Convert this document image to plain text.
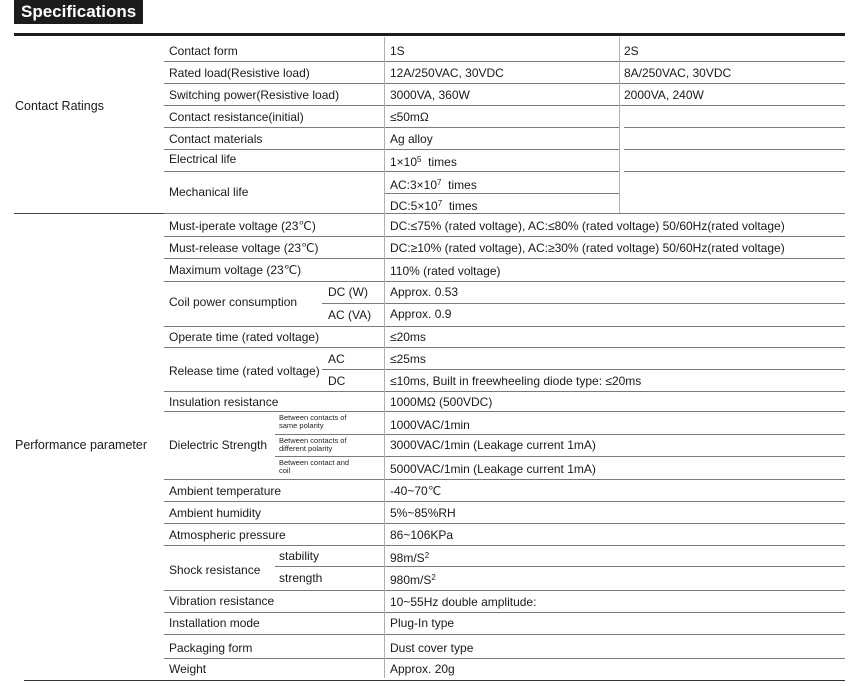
Specifications
Contact Ratings
Performance parameter
Contact form	1S	2S
Rated load(Resistive load)	12A/250VAC, 30VDC	8A/250VAC, 30VDC
Switching power(Resistive load)	3000VA, 360W	2000VA, 240W
Contact resistance(initial)	≤50mΩ
Contact materials	Ag alloy
Electrical life	$1\times 10^5$ times
Mechanical life	$AC:3\times 10^7$ times
$DC:5\times 10^7$ times
Must-iperate voltage (23℃)	DC:≤75% (rated voltage), AC:≤80% (rated voltage) 50/60Hz(rated voltage)
Must-release voltage (23℃)	DC:≥10% (rated voltage), AC:≥30% (rated voltage) 50/60Hz(rated voltage)
Maximum voltage (23℃)	110% (rated voltage)
Coil power consumption
DC (W) Approx. 0.53
AC (VA) Approx. 0.9
Operate time (rated voltage)	≤20ms
Release time (rated voltage)
AC	≤25ms
DC	≤10ms, Built in freewheeling diode type: ≤20ms
Insulation resistance	1000MΩ (500VDC)
Dielectric Strength
Between contacts of
same polarity	1000VAC/1min
Between contacts of
different polarity	3000VAC/1min (Leakage current 1mA)
Between contact and
coil	5000VAC/1min (Leakage current 1mA)
Ambient temperature	-40~70℃
Ambient humidity	5%~85%RH
Atmospheric pressure	86~106KPa
Shock resistance
stability	$98m/S^2$
strength	$980m/S^2$
Vibration resistance	10~55Hz double amplitude:
Installation mode	Plug-In type
Packaging form	Dust cover type
Weight	Approx. 20g
